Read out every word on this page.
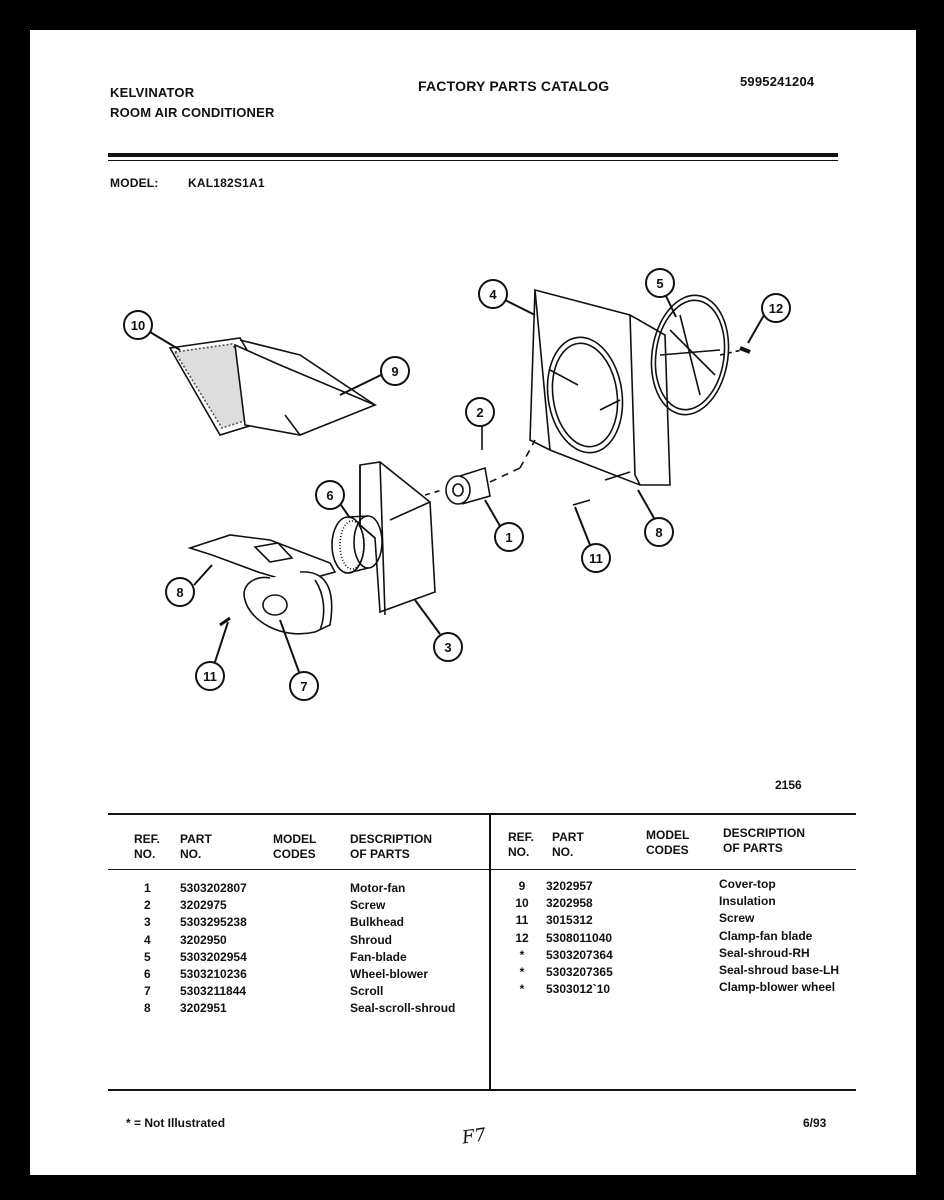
KELVINATOR
ROOM AIR CONDITIONER
FACTORY PARTS CATALOG	5995241204
MODEL: KAL182S1A1
10
9
4
5
12
2
6
1
11
8
8
3
11
7
2156
REF.
NO.
PART
NO.
MODEL
CODES
DESCRIPTION
OF PARTS
REF.
NO.
PART
NO.
MODEL
CODES
DESCRIPTION
OF PARTS
1
2
3
4
5
6
7
8
5303202807
3202975
5303295238
3202950
5303202954
5303210236
5303211844
3202951
Motor-fan
Screw
Bulkhead
Shroud
Fan-blade
Wheel-blower
Scroll
Seal-scroll-shroud
9
10
11
12
*
*
*
3202957
3202958
3015312
5308011040
5303207364
5303207365
5303012`10
Cover-top
Insulation
Screw
Clamp-fan blade
Seal-shroud-RH
Seal-shroud base-LH
Clamp-blower wheel
* = Not Illustrated
F7
6/93
